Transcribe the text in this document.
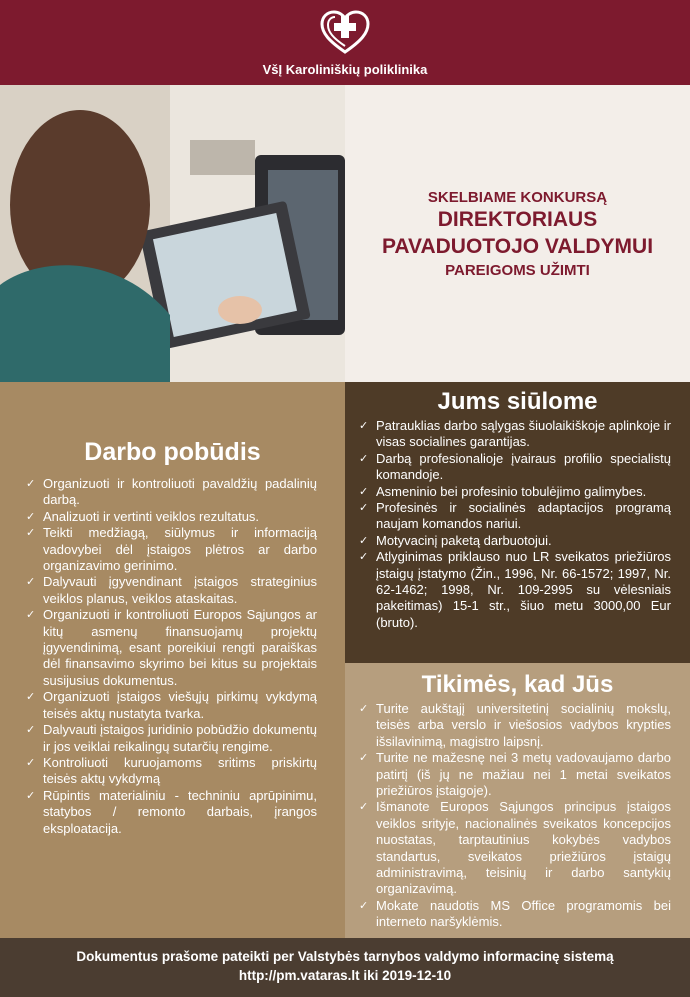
VšĮ Karoliniškių poliklinika
SKELBIAME KONKURSĄ
DIREKTORIAUS
PAVADUOTOJO VALDYMUI
PAREIGOMS UŽIMTI
Darbo pobūdis
✓ Organizuoti ir kontroliuoti pavaldžių padalinių darbą.
✓ Analizuoti ir vertinti veiklos rezultatus.
✓ Teikti medžiagą, siūlymus ir informaciją vadovybei dėl įstaigos plėtros ar darbo organizavimo gerinimo.
✓ Dalyvauti įgyvendinant įstaigos strateginius veiklos planus, veiklos ataskaitas.
✓ Organizuoti ir kontroliuoti Europos Sąjungos ar kitų asmenų finansuojamų projektų įgyvendinimą, esant poreikiui rengti paraiškas dėl finansavimo skyrimo bei kitus su projektais susijusius dokumentus.
✓ Organizuoti įstaigos viešųjų pirkimų vykdymą teisės aktų nustatyta tvarka.
✓ Dalyvauti įstaigos juridinio pobūdžio dokumentų ir jos veiklai reikalingų sutarčių rengime.
✓ Kontroliuoti kuruojamoms sritims priskirtų teisės aktų vykdymą
✓ Rūpintis materialiniu - techniniu aprūpinimu, statybos / remonto darbais, įrangos eksploatacija.
Jums siūlome
✓ Patrauklias darbo sąlygas šiuolaikiškoje aplinkoje ir visas socialines garantijas.
✓ Darbą profesionalioje įvairaus profilio specialistų komandoje.
✓ Asmeninio bei profesinio tobulėjimo galimybes.
✓ Profesinės ir socialinės adaptacijos programą naujam komandos nariui.
✓ Motyvacinį paketą darbuotojui.
✓ Atlyginimas priklauso nuo LR sveikatos priežiūros įstaigų įstatymo (Žin., 1996, Nr. 66-1572; 1997, Nr. 62-1462; 1998, Nr. 109-2995 su vėlesniais pakeitimas) 15-1 str., šiuo metu 3000,00 Eur (bruto).
Tikimės, kad Jūs
✓ Turite aukštąjį universitetinį socialinių mokslų, teisės arba verslo ir viešosios vadybos krypties išsilavinimą, magistro laipsnį.
✓ Turite ne mažesnę nei 3 metų vadovaujamo darbo patirtį (iš jų ne mažiau nei 1 metai sveikatos priežiūros įstaigoje).
✓ Išmanote Europos Sąjungos principus įstaigos veiklos srityje, nacionalinės sveikatos koncepcijos nuostatas, tarptautinius kokybės vadybos standartus, sveikatos priežiūros įstaigų administravimą, teisinių ir darbo santykių organizavimą.
✓ Mokate naudotis MS Office programomis bei interneto naršyklėmis.
Dokumentus prašome pateikti per Valstybės tarnybos valdymo informacinę sistemą
http://pm.vataras.lt iki 2019-12-10
